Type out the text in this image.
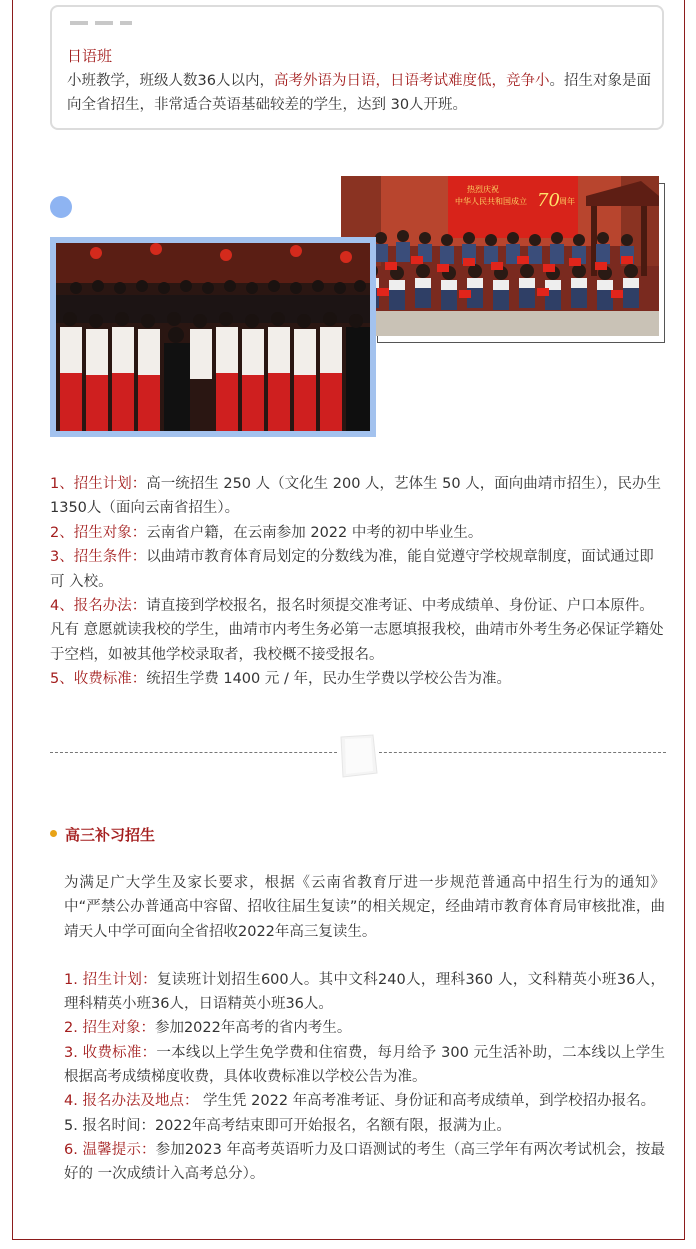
日语班
小班教学，班级人数36人以内，高考外语为日语，日语考试难度低，竞争小。招生对象是面向全省招生，非常适合英语基础较差的学生，达到 30人开班。
热烈庆祝
中华人民共和国成立 70 周年

1、招生计划：高一统招生 250 人（文化生 200 人，艺体生 50 人，面向曲靖市招生），民办生1350人（面向云南省招生）。

2、招生对象：云南省户籍，在云南参加 2022 中考的初中毕业生。

3、招生条件：以曲靖市教育体育局划定的分数线为准，能自觉遵守学校规章制度，面试通过即可 入校。

4、报名办法：请直接到学校报名，报名时须提交准考证、中考成绩单、身份证、户口本原件。凡有 意愿就读我校的学生，曲靖市内考生务必第一志愿填报我校，曲靖市外考生务必保证学籍处于空档，如被其他学校录取者，我校概不接受报名。

5、收费标准：统招生学费 1400 元 / 年，民办生学费以学校公告为准。

高三补习招生

为满足广大学生及家长要求，根据《云南省教育厅进一步规范普通高中招生行为的通知》中“严禁公办普通高中容留、招收往届生复读”的相关规定，经曲靖市教育体育局审核批准，曲靖天人中学可面向全省招收2022年高三复读生。

1. 招生计划：复读班计划招生600人。其中文科240人，理科360 人，文科精英小班36人， 理科精英小班36人，日语精英小班36人。

2. 招生对象：参加2022年高考的省内考生。

3. 收费标准：一本线以上学生免学费和住宿费，每月给予 300 元生活补助，二本线以上学生根据高考成绩梯度收费，具体收费标准以学校公告为准。

4. 报名办法及地点： 学生凭 2022 年高考准考证、身份证和高考成绩单，到学校招办报名。

5. 报名时间：2022年高考结束即可开始报名，名额有限，报满为止。

6. 温馨提示：参加2023 年高考英语听力及口语测试的考生（高三学年有两次考试机会，按最好的 一次成绩计入高考总分）。
